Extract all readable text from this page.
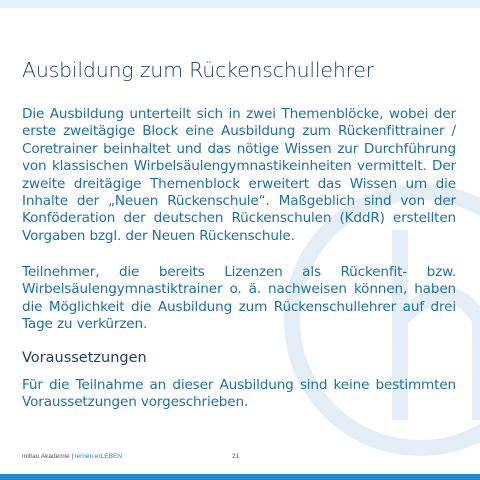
Ausbildung zum Rückenschullehrer
Die Ausbildung unterteilt sich in zwei Themenblöcke, wobei der erste zweitägige Block eine Ausbildung zum Rückenfittrainer / Coretrainer beinhaltet und das nötige Wissen zur Durchführung von klassischen Wirbelsäulengymnastikeinheiten vermittelt. Der zweite dreitägige Themenblock erweitert das Wissen um die Inhalte der „Neuen Rückenschule“. Maßgeblich sind von der Konföderation der deutschen Rückenschulen (KddR) erstellten Vorgaben bzgl. der Neuen Rückenschule.
Teilnehmer, die bereits Lizenzen als Rückenfit- bzw. Wirbelsäulengymnastiktrainer o. ä. nachweisen können, haben die Möglichkeit die Ausbildung zum Rückenschullehrer auf drei Tage zu verkürzen.
Voraussetzungen
Für die Teilnahme an dieser Ausbildung sind keine bestimmten Voraussetzungen vorgeschrieben.
miltau Akademie | lernen.erLEBEN	21
